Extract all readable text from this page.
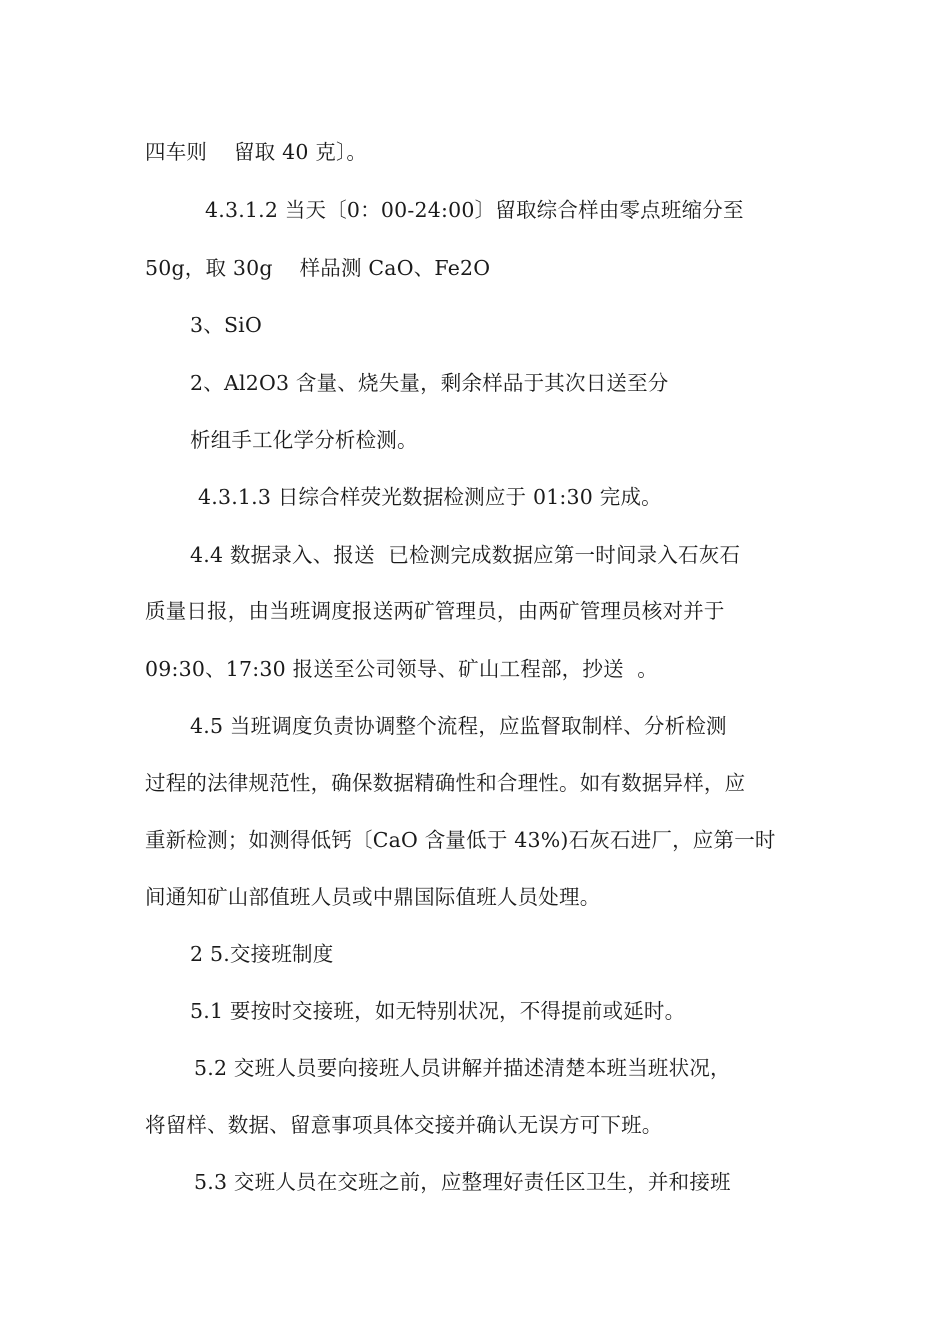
四车则    留取 40 克〕。
4.3.1.2 当天〔0：00-24:00〕留取综合样由零点班缩分至
50g，取 30g    样品测 CaO、Fe2O
3、SiO
2、Al2O3 含量、烧失量，剩余样品于其次日送至分
析组手工化学分析检测。
4.3.1.3 日综合样荧光数据检测应于 01:30 完成。
4.4 数据录入、报送  已检测完成数据应第一时间录入石灰石
质量日报，由当班调度报送两矿管理员，由两矿管理员核对并于
09:30、17:30 报送至公司领导、矿山工程部，抄送  。
4.5 当班调度负责协调整个流程，应监督取制样、分析检测
过程的法律规范性，确保数据精确性和合理性。如有数据异样，应
重新检测；如测得低钙〔CaO 含量低于 43%)石灰石进厂，应第一时
间通知矿山部值班人员或中鼎国际值班人员处理。
2 5.交接班制度
5.1 要按时交接班，如无特别状况，不得提前或延时。
5.2 交班人员要向接班人员讲解并描述清楚本班当班状况，
将留样、数据、留意事项具体交接并确认无误方可下班。
5.3 交班人员在交班之前，应整理好责任区卫生，并和接班
